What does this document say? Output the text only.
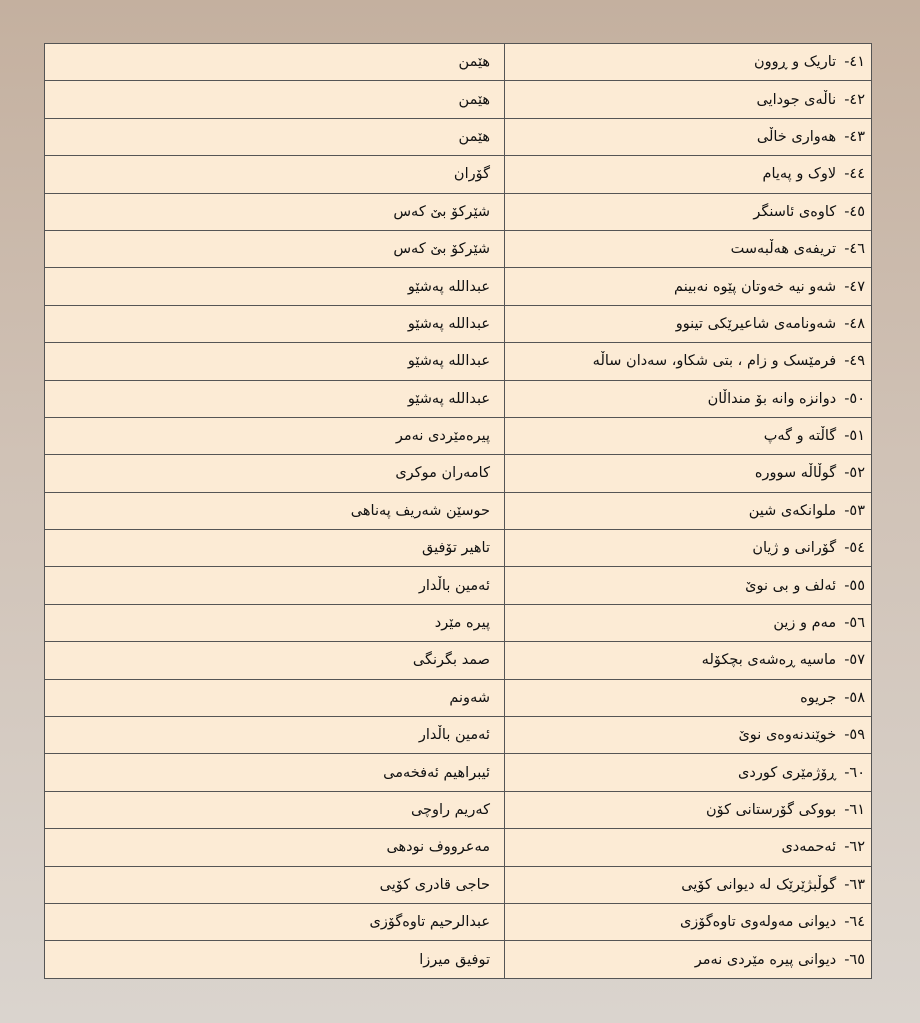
٤١-تاریک و ڕوون	هێمن
٤٢-ناڵەی جودایی	هێمن
٤٣-هەواری خاڵی	هێمن
٤٤-لاوک و پەیام	گۆران
٤٥-کاوەی ئاسنگر	شێرکۆ بێ کەس
٤٦-تریفەی هەڵبەست	شێرکۆ بێ کەس
٤٧-شەو نیە خەوتان پێوە نەبینم	عبداللە پەشێو
٤٨-شەونامەی شاعیرێکی تینوو	عبداللە پەشێو
٤٩-فرمێسک و زام ، بتی شکاو، سەدان ساڵە	عبداللە پەشێو
٥٠-دوانزه وانه بۆ منداڵان	عبداللە پەشێو
٥١-گاڵته و گەپ	پیرەمێردی نەمر
٥٢-گوڵاڵه سووره	کامەران موکری
٥٣-ملوانکەی شین	حوسێن شەریف پەناهی
٥٤-گۆرانی و ژیان	تاهیر تۆفیق
٥٥-ئەلف و بی نوێ	ئەمین باڵدار
٥٦-مەم و زین	پیره مێرد
٥٧-ماسیه ڕەشەی بچکۆله	صمد بگرنگی
٥٨-جریوه	شەونم
٥٩-خوێندنەوەی نوێ	ئەمین باڵدار
٦٠-ڕۆژمێری کوردی	ئیبراهیم ئەفخەمی
٦١-بووکی گۆرستانی کۆن	کەریم راوچی
٦٢-ئەحمەدی	مەعرووف نودهی
٦٣-گوڵبژێرێک له دیوانی کۆیی	حاجی قادری کۆیی
٦٤-دیوانی مەولەوی تاوەگۆزی	عبدالرحیم تاوەگۆزی
٦٥-دیوانی پیره مێردی نەمر	توفیق میرزا
